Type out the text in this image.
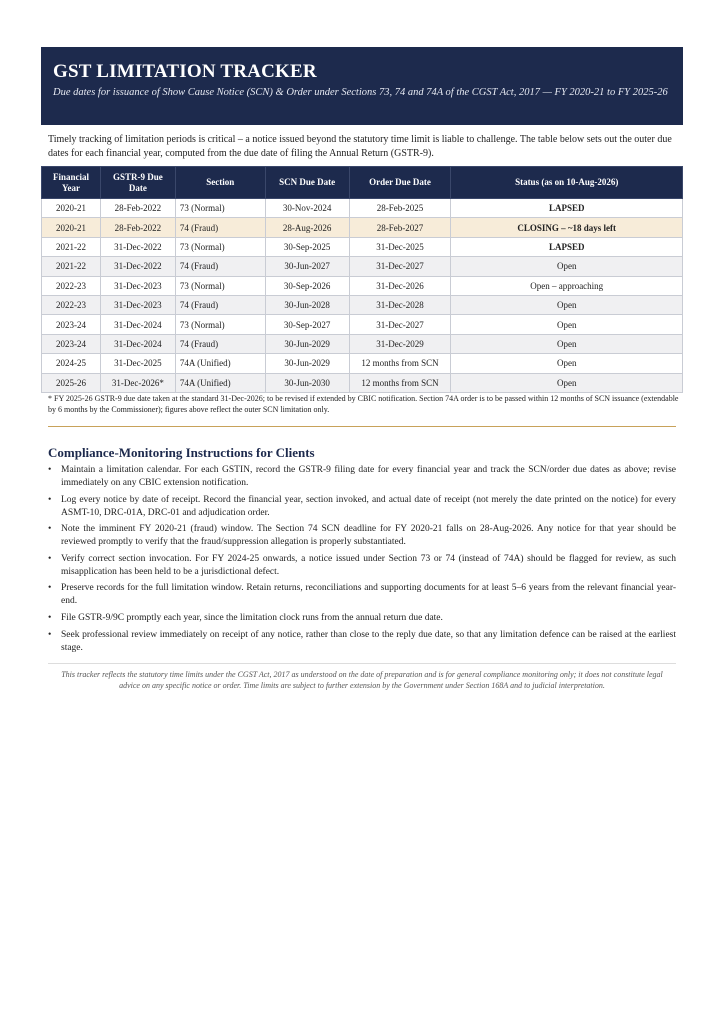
GST LIMITATION TRACKER
Due dates for issuance of Show Cause Notice (SCN) & Order under Sections 73, 74 and 74A of the CGST Act, 2017 — FY 2020-21 to FY 2025-26
Timely tracking of limitation periods is critical – a notice issued beyond the statutory time limit is liable to challenge. The table below sets out the outer due dates for each financial year, computed from the due date of filing the Annual Return (GSTR-9).
Financial Year	GSTR-9 Due Date	Section	SCN Due Date	Order Due Date	Status (as on 10-Aug-2026)
2020-21	28-Feb-2022	73 (Normal)	30-Nov-2024	28-Feb-2025	LAPSED
2020-21	28-Feb-2022	74 (Fraud)	28-Aug-2026	28-Feb-2027	CLOSING – ~18 days left
2021-22	31-Dec-2022	73 (Normal)	30-Sep-2025	31-Dec-2025	LAPSED
2021-22	31-Dec-2022	74 (Fraud)	30-Jun-2027	31-Dec-2027	Open
2022-23	31-Dec-2023	73 (Normal)	30-Sep-2026	31-Dec-2026	Open – approaching
2022-23	31-Dec-2023	74 (Fraud)	30-Jun-2028	31-Dec-2028	Open
2023-24	31-Dec-2024	73 (Normal)	30-Sep-2027	31-Dec-2027	Open
2023-24	31-Dec-2024	74 (Fraud)	30-Jun-2029	31-Dec-2029	Open
2024-25	31-Dec-2025	74A (Unified)	30-Jun-2029	12 months from SCN	Open
2025-26	31-Dec-2026*	74A (Unified)	30-Jun-2030	12 months from SCN	Open
* FY 2025-26 GSTR-9 due date taken at the standard 31-Dec-2026; to be revised if extended by CBIC notification. Section 74A order is to be passed within 12 months of SCN issuance (extendable by 6 months by the Commissioner); figures above reflect the outer SCN limitation only.
Compliance-Monitoring Instructions for Clients
• Maintain a limitation calendar. For each GSTIN, record the GSTR-9 filing date for every financial year and track the SCN/order due dates as above; revise immediately on any CBIC extension notification.
• Log every notice by date of receipt. Record the financial year, section invoked, and actual date of receipt (not merely the date printed on the notice) for every ASMT-10, DRC-01A, DRC-01 and adjudication order.
• Note the imminent FY 2020-21 (fraud) window. The Section 74 SCN deadline for FY 2020-21 falls on 28-Aug-2026. Any notice for that year should be reviewed promptly to verify that the fraud/suppression allegation is properly substantiated.
• Verify correct section invocation. For FY 2024-25 onwards, a notice issued under Section 73 or 74 (instead of 74A) should be flagged for review, as such misapplication has been held to be a jurisdictional defect.
• Preserve records for the full limitation window. Retain returns, reconciliations and supporting documents for at least 5–6 years from the relevant financial year-end.
• File GSTR-9/9C promptly each year, since the limitation clock runs from the annual return due date.
• Seek professional review immediately on receipt of any notice, rather than close to the reply due date, so that any limitation defence can be raised at the earliest stage.
This tracker reflects the statutory time limits under the CGST Act, 2017 as understood on the date of preparation and is for general compliance monitoring only; it does not constitute legal advice on any specific notice or order. Time limits are subject to further extension by the Government under Section 168A and to judicial interpretation.
